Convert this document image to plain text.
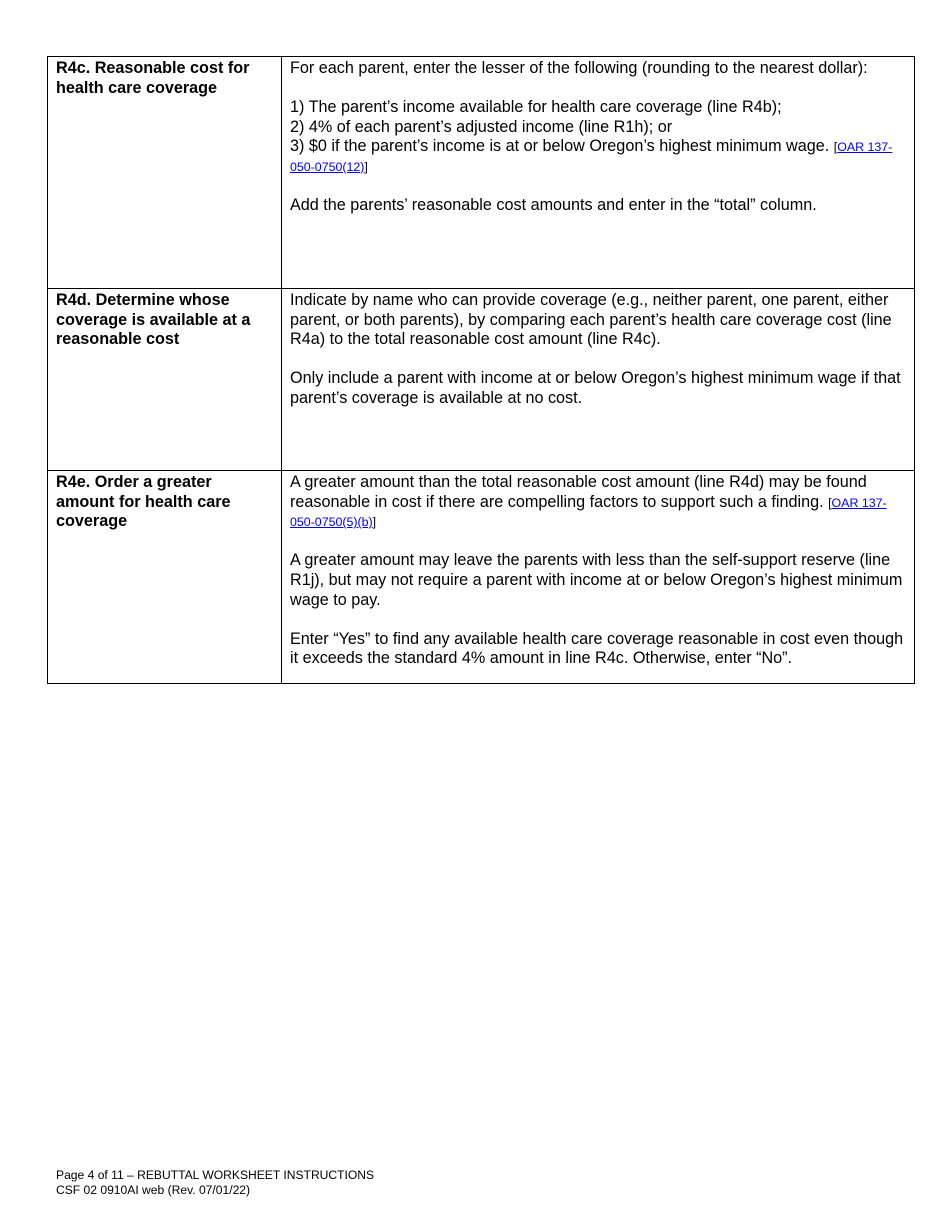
R4c. Reasonable cost for health care coverage	For each parent, enter the lesser of the following (rounding to the nearest dollar):

1) The parent’s income available for health care coverage (line R4b);
2) 4% of each parent’s adjusted income (line R1h); or
3) $0 if the parent’s income is at or below Oregon’s highest minimum wage. [OAR 137-050-0750(12)]

Add the parents’ reasonable cost amounts and enter in the “total” column.

R4d. Determine whose coverage is available at a reasonable cost	Indicate by name who can provide coverage (e.g., neither parent, one parent, either parent, or both parents), by comparing each parent’s health care coverage cost (line R4a) to the total reasonable cost amount (line R4c).

Only include a parent with income at or below Oregon’s highest minimum wage if that parent’s coverage is available at no cost.

R4e. Order a greater amount for health care coverage	A greater amount than the total reasonable cost amount (line R4d) may be found reasonable in cost if there are compelling factors to support such a finding. [OAR 137-050-0750(5)(b)]

A greater amount may leave the parents with less than the self-support reserve (line R1j), but may not require a parent with income at or below Oregon’s highest minimum wage to pay.

Enter “Yes” to find any available health care coverage reasonable in cost even though it exceeds the standard 4% amount in line R4c. Otherwise, enter “No”.

Page 4 of 11 – REBUTTAL WORKSHEET INSTRUCTIONS
CSF 02 0910AI web (Rev. 07/01/22)
